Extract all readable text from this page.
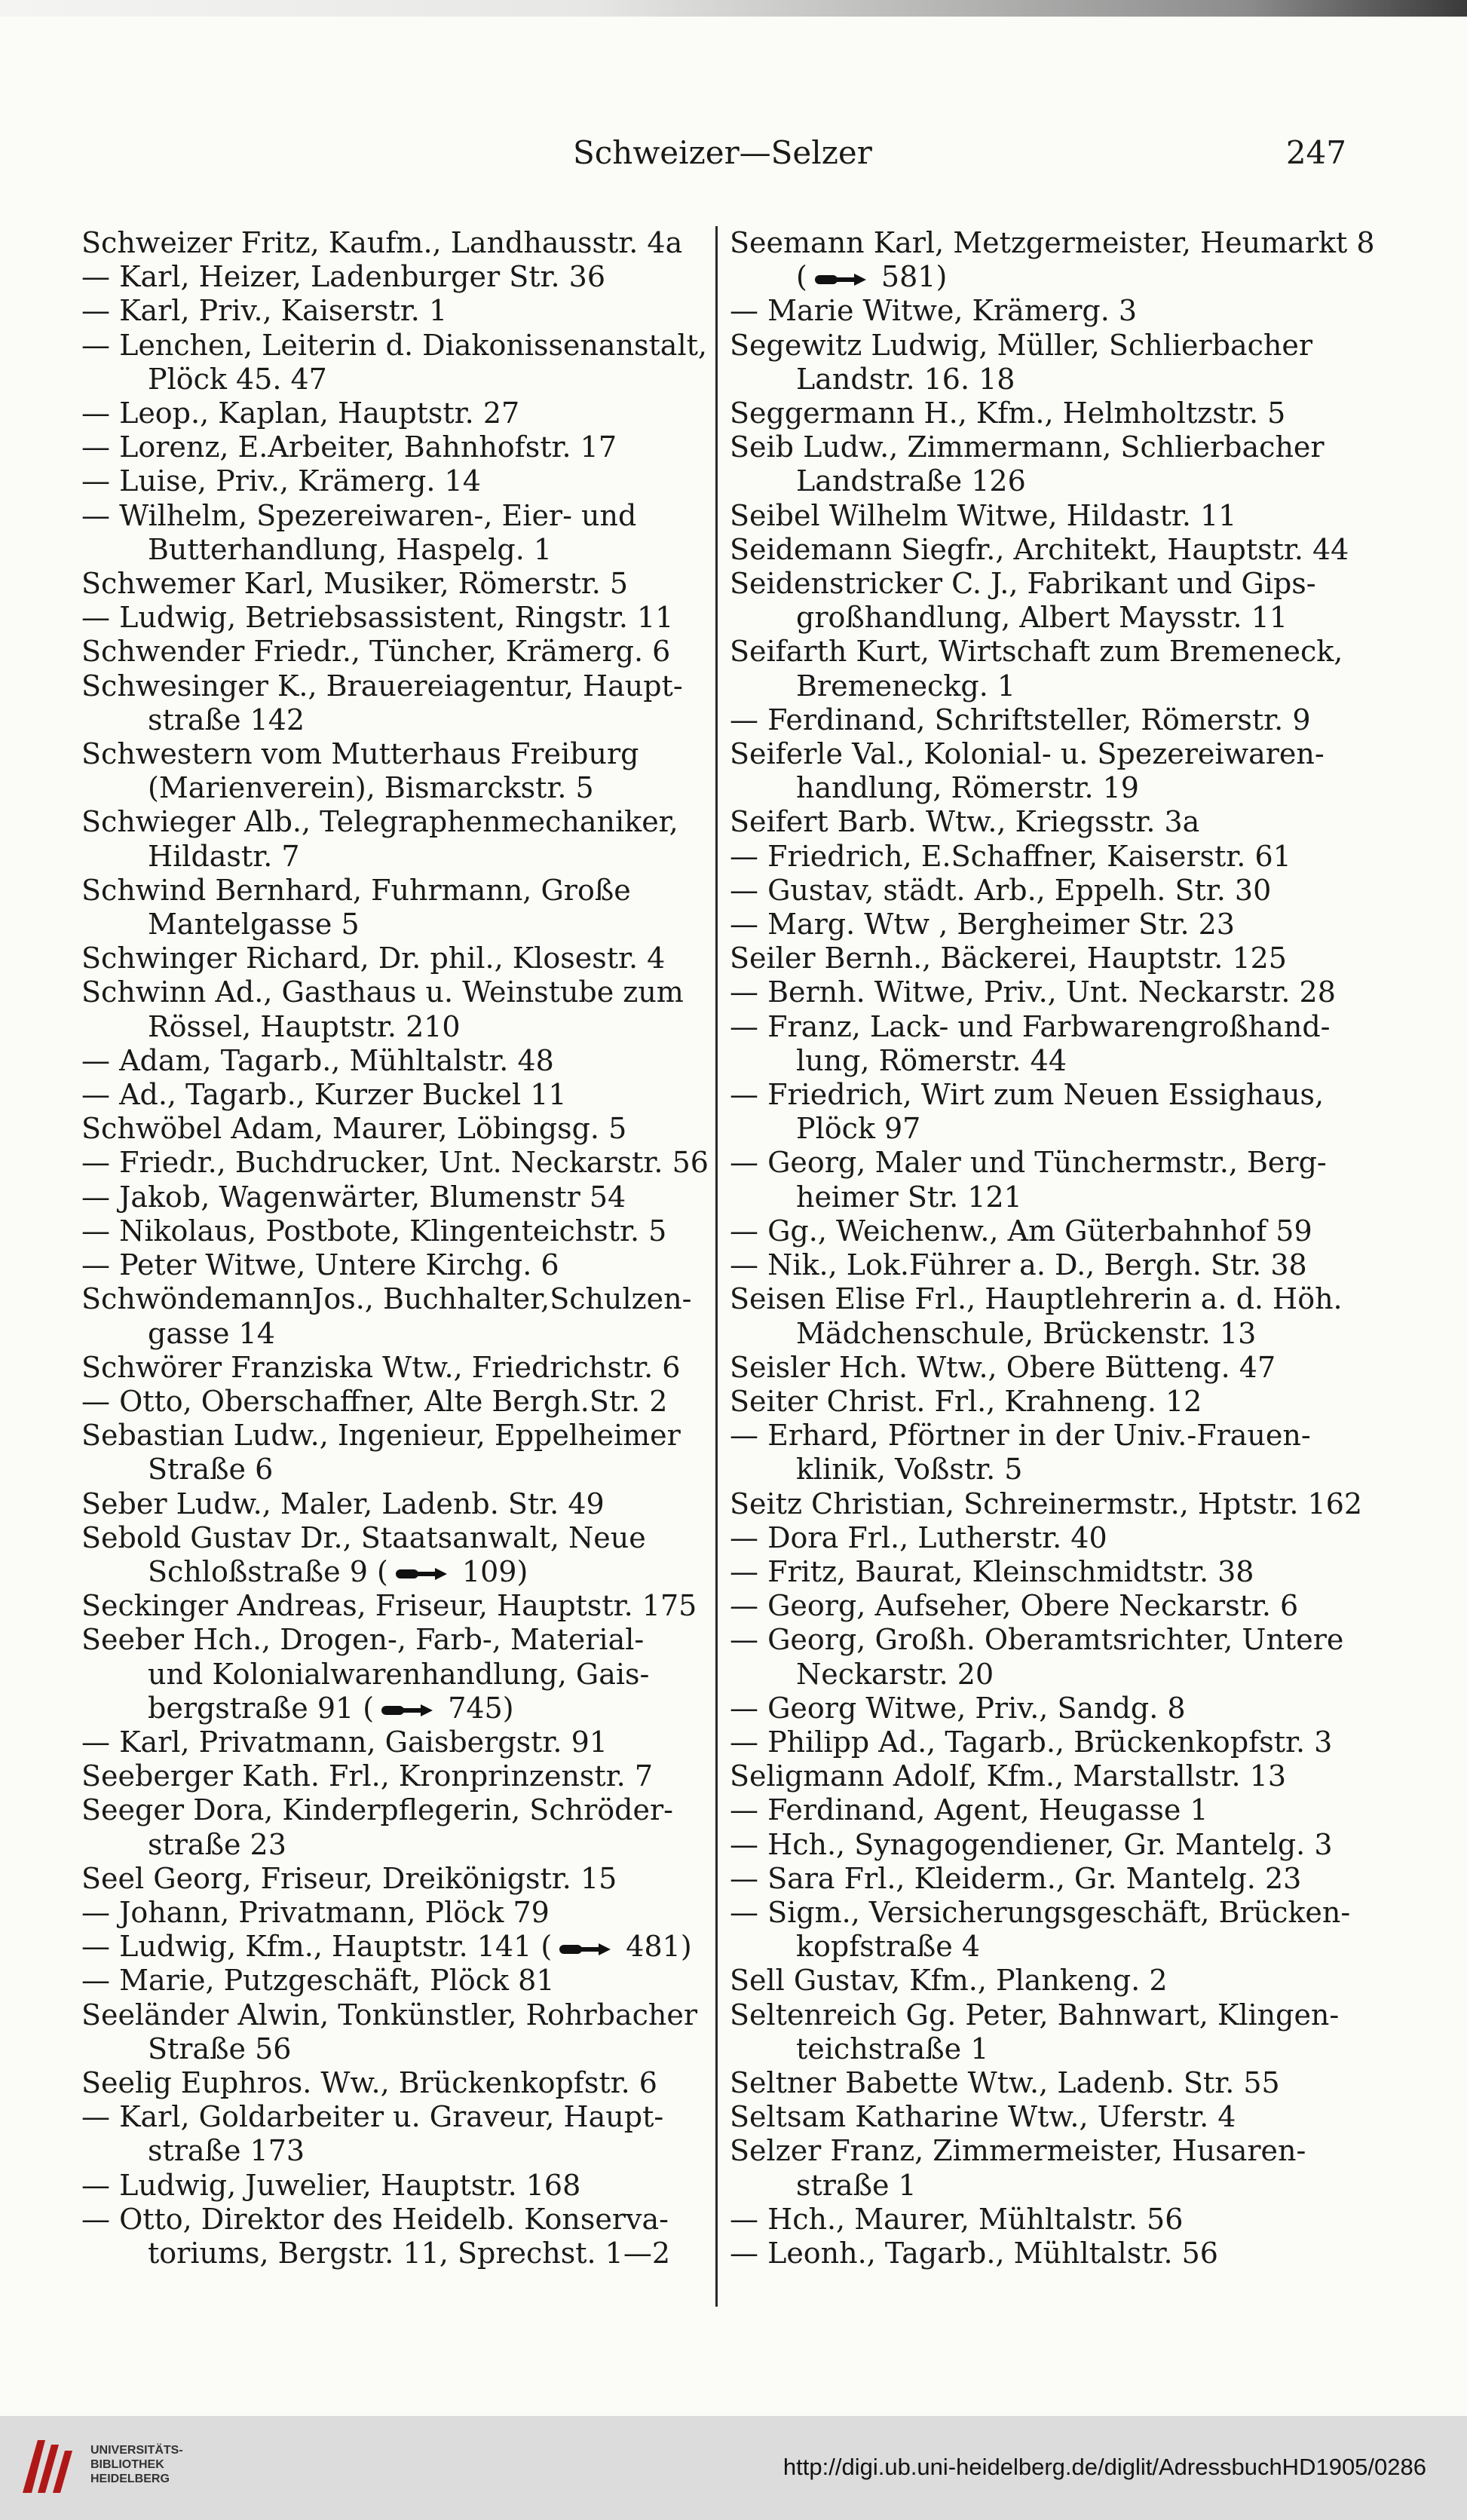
Schweizer—Selzer	247
Schweizer Fritz, Kaufm., Landhausstr. 4a
— Karl, Heizer, Ladenburger Str. 36
— Karl, Priv., Kaiserstr. 1
— Lenchen, Leiterin d. Diakonissenanstalt,
Plöck 45. 47
— Leop., Kaplan, Hauptstr. 27
— Lorenz, E.Arbeiter, Bahnhofstr. 17
— Luise, Priv., Krämerg. 14
— Wilhelm, Spezereiwaren-, Eier- und
Butterhandlung, Haspelg. 1
Schwemer Karl, Musiker, Römerstr. 5
— Ludwig, Betriebsassistent, Ringstr. 11
Schwender Friedr., Tüncher, Krämerg. 6
Schwesinger K., Brauereiagentur, Haupt-
straße 142
Schwestern vom Mutterhaus Freiburg
(Marienverein), Bismarckstr. 5
Schwieger Alb., Telegraphenmechaniker,
Hildastr. 7
Schwind Bernhard, Fuhrmann, Große
Mantelgasse 5
Schwinger Richard, Dr. phil., Klosestr. 4
Schwinn Ad., Gasthaus u. Weinstube zum
Rössel, Hauptstr. 210
— Adam, Tagarb., Mühltalstr. 48
— Ad., Tagarb., Kurzer Buckel 11
Schwöbel Adam, Maurer, Löbingsg. 5
— Friedr., Buchdrucker, Unt. Neckarstr. 56
— Jakob, Wagenwärter, Blumenstr 54
— Nikolaus, Postbote, Klingenteichstr. 5
— Peter Witwe, Untere Kirchg. 6
SchwöndemannJos., Buchhalter,Schulzen-
gasse 14
Schwörer Franziska Wtw., Friedrichstr. 6
— Otto, Oberschaffner, Alte Bergh.Str. 2
Sebastian Ludw., Ingenieur, Eppelheimer
Straße 6
Seber Ludw., Maler, Ladenb. Str. 49
Sebold Gustav Dr., Staatsanwalt, Neue
Schloßstraße 9 ( 109)
Seckinger Andreas, Friseur, Hauptstr. 175
Seeber Hch., Drogen-, Farb-, Material-
und Kolonialwarenhandlung, Gais-
bergstraße 91 ( 745)
— Karl, Privatmann, Gaisbergstr. 91
Seeberger Kath. Frl., Kronprinzenstr. 7
Seeger Dora, Kinderpflegerin, Schröder-
straße 23
Seel Georg, Friseur, Dreikönigstr. 15
— Johann, Privatmann, Plöck 79
— Ludwig, Kfm., Hauptstr. 141 ( 481)
— Marie, Putzgeschäft, Plöck 81
Seeländer Alwin, Tonkünstler, Rohrbacher
Straße 56
Seelig Euphros. Ww., Brückenkopfstr. 6
— Karl, Goldarbeiter u. Graveur, Haupt-
straße 173
— Ludwig, Juwelier, Hauptstr. 168
— Otto, Direktor des Heidelb. Konserva-
toriums, Bergstr. 11, Sprechst. 1—2
Seemann Karl, Metzgermeister, Heumarkt 8
( 581)
— Marie Witwe, Krämerg. 3
Segewitz Ludwig, Müller, Schlierbacher
Landstr. 16. 18
Seggermann H., Kfm., Helmholtzstr. 5
Seib Ludw., Zimmermann, Schlierbacher
Landstraße 126
Seibel Wilhelm Witwe, Hildastr. 11
Seidemann Siegfr., Architekt, Hauptstr. 44
Seidenstricker C. J., Fabrikant und Gips-
großhandlung, Albert Maysstr. 11
Seifarth Kurt, Wirtschaft zum Bremeneck,
Bremeneckg. 1
— Ferdinand, Schriftsteller, Römerstr. 9
Seiferle Val., Kolonial- u. Spezereiwaren-
handlung, Römerstr. 19
Seifert Barb. Wtw., Kriegsstr. 3a
— Friedrich, E.Schaffner, Kaiserstr. 61
— Gustav, städt. Arb., Eppelh. Str. 30
— Marg. Wtw , Bergheimer Str. 23
Seiler Bernh., Bäckerei, Hauptstr. 125
— Bernh. Witwe, Priv., Unt. Neckarstr. 28
— Franz, Lack- und Farbwarengroßhand-
lung, Römerstr. 44
— Friedrich, Wirt zum Neuen Essighaus,
Plöck 97
— Georg, Maler und Tünchermstr., Berg-
heimer Str. 121
— Gg., Weichenw., Am Güterbahnhof 59
— Nik., Lok.Führer a. D., Bergh. Str. 38
Seisen Elise Frl., Hauptlehrerin a. d. Höh.
Mädchenschule, Brückenstr. 13
Seisler Hch. Wtw., Obere Bütteng. 47
Seiter Christ. Frl., Krahneng. 12
— Erhard, Pförtner in der Univ.-Frauen-
klinik, Voßstr. 5
Seitz Christian, Schreinermstr., Hptstr. 162
— Dora Frl., Lutherstr. 40
— Fritz, Baurat, Kleinschmidtstr. 38
— Georg, Aufseher, Obere Neckarstr. 6
— Georg, Großh. Oberamtsrichter, Untere
Neckarstr. 20
— Georg Witwe, Priv., Sandg. 8
— Philipp Ad., Tagarb., Brückenkopfstr. 3
Seligmann Adolf, Kfm., Marstallstr. 13
— Ferdinand, Agent, Heugasse 1
— Hch., Synagogendiener, Gr. Mantelg. 3
— Sara Frl., Kleiderm., Gr. Mantelg. 23
— Sigm., Versicherungsgeschäft, Brücken-
kopfstraße 4
Sell Gustav, Kfm., Plankeng. 2
Seltenreich Gg. Peter, Bahnwart, Klingen-
teichstraße 1
Seltner Babette Wtw., Ladenb. Str. 55
Seltsam Katharine Wtw., Uferstr. 4
Selzer Franz, Zimmermeister, Husaren-
straße 1
— Hch., Maurer, Mühltalstr. 56
— Leonh., Tagarb., Mühltalstr. 56
UNIVERSITÄTS-
BIBLIOTHEK
HEIDELBERG	http://digi.ub.uni-heidelberg.de/diglit/AdressbuchHD1905/0286
